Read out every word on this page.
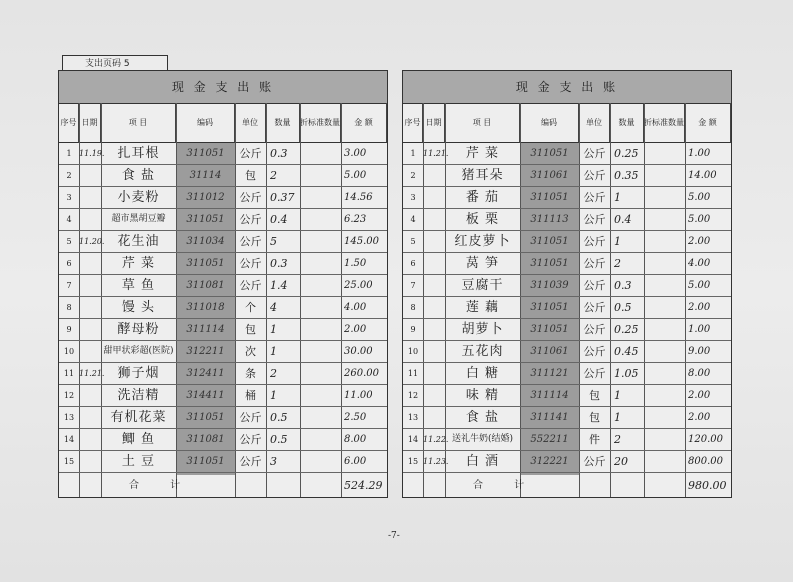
支出页码 5
现 金 支 出 账
序号 日期	项 目	编码	单位 数量 折标准数量 金 额
1 11.19.	扎耳根	311051	公斤 0.3	3.00
2	食 盐	31114	包	2	5.00
3	小麦粉	311012	公斤 0.37	14.56
4	超市黑胡豆瓣	311051	公斤 0.4	6.23
5 11.20.	花生油	311034	公斤 5	145.00
6	芹 菜	311051	公斤 0.3	1.50
7	草 鱼	311081	公斤 1.4	25.00
8	馒 头	311018	个	4	4.00
9	酵母粉	311114	包	1	2.00
10	甜甲状彩超(医院)	312211	次	1	30.00
11 11.21.	狮子烟	312411	条	2	260.00
12	洗洁精	314411	桶	1	11.00
13	有机花菜	311051	公斤 0.5	2.50
14	鲫 鱼	311081	公斤 0.5	8.00
15	土 豆	311051	公斤 3	6.00
合 计	524.29
现 金 支 出 账
序号 日期	项 目	编码	单位 数量 折标准数量 金 额
1 11.21.	芹 菜	311051	公斤 0.25	1.00
2	猪耳朵	311061	公斤 0.35	14.00
3	番 茄	311051	公斤 1	5.00
4	板 栗	311113	公斤 0.4	5.00
5	红皮萝卜	311051	公斤 1	2.00
6	莴 笋	311051	公斤 2	4.00
7	豆腐干	311039	公斤 0.3	5.00
8	莲 藕	311051	公斤 0.5	2.00
9	胡萝卜	311051	公斤 0.25	1.00
10	五花肉	311061	公斤 0.45	9.00
11	白 糖	311121	公斤 1.05	8.00
12	味 精	311114	包	1	2.00
13	食 盐	311141	包	1	2.00
14 11.22. 送礼牛奶(结婚)	552211	件	2	120.00
15 11.23.	白 酒	312221	公斤 20	800.00
合 计	980.00
-7-
